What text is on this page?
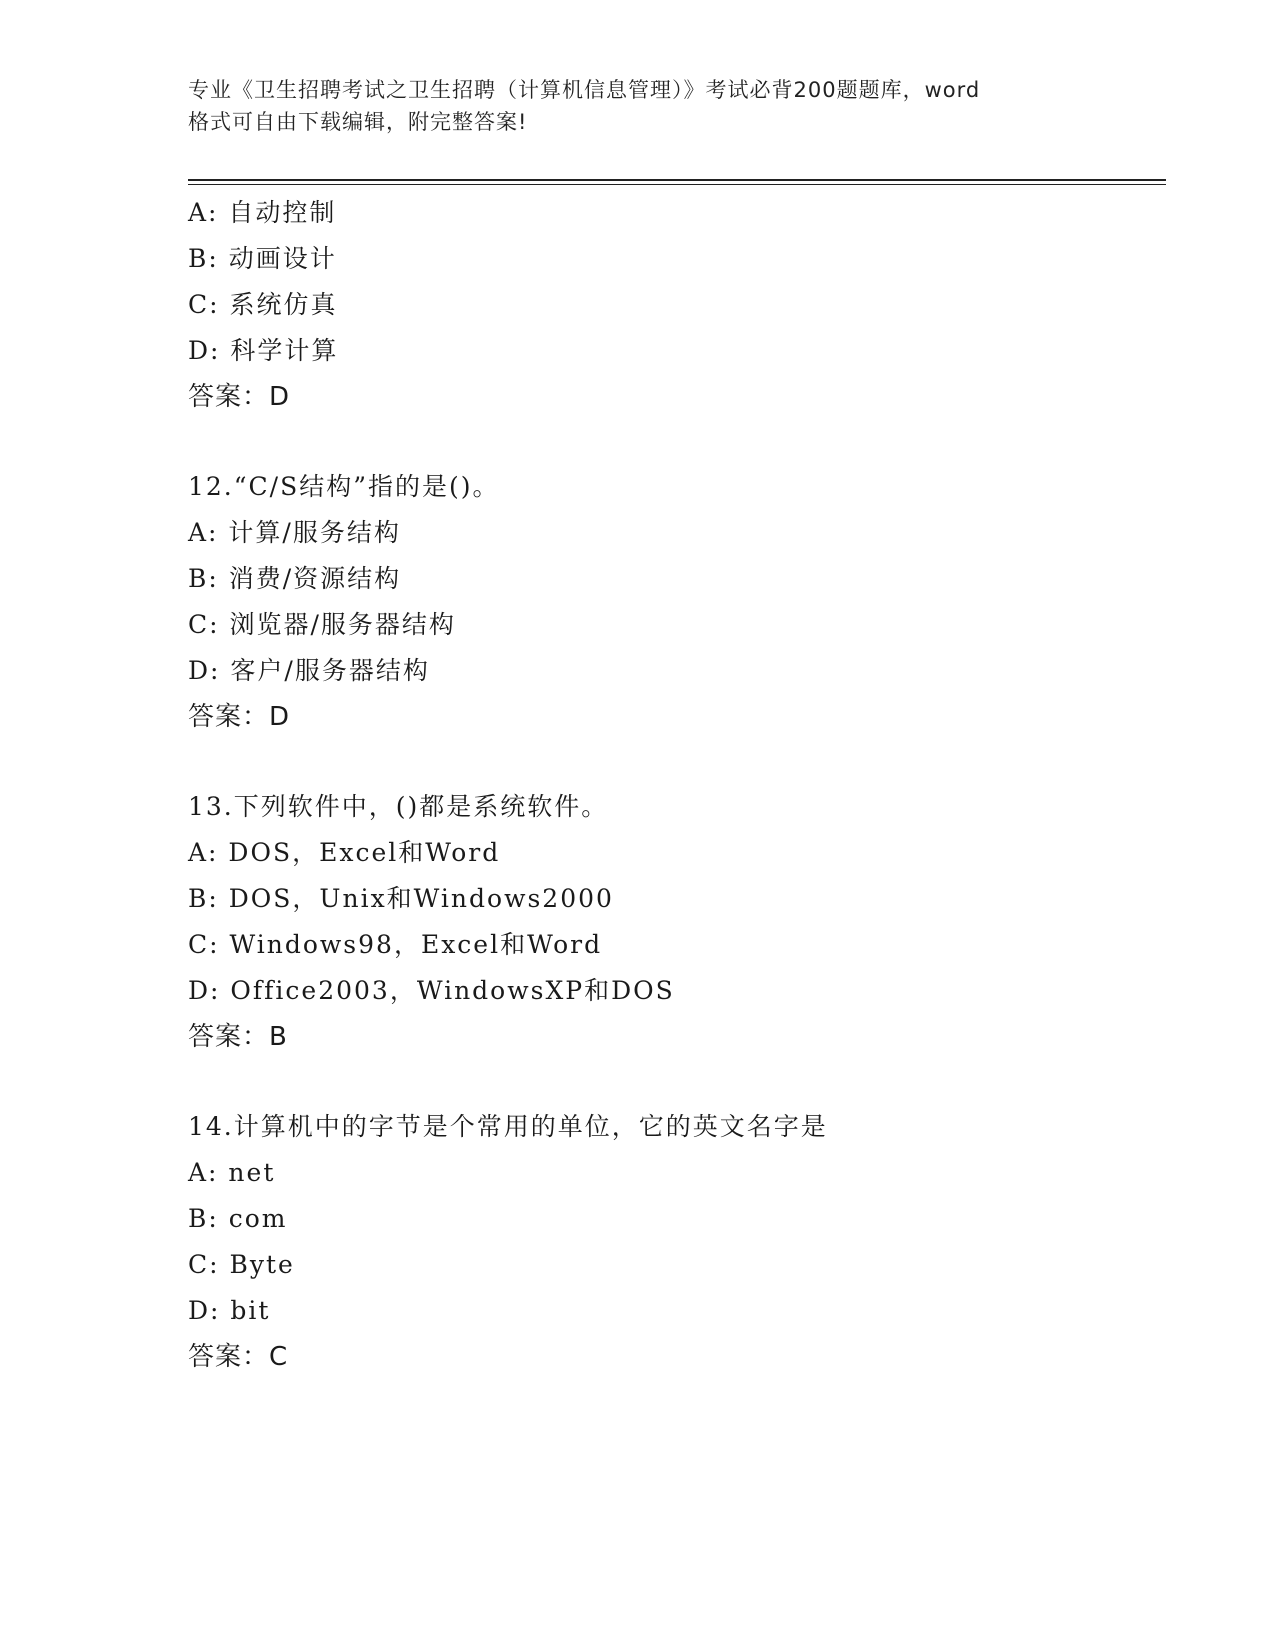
专业《卫生招聘考试之卫生招聘（计算机信息管理）》考试必背200题题库，word
格式可自由下载编辑，附完整答案!
A: 自动控制
B: 动画设计
C: 系统仿真
D: 科学计算
答案：D
12.“C/S结构”指的是()。
A: 计算/服务结构
B: 消费/资源结构
C: 浏览器/服务器结构
D: 客户/服务器结构
答案：D
13.下列软件中，()都是系统软件。
A: DOS，Excel和Word
B: DOS，Unix和Windows2000
C: Windows98，Excel和Word
D: Office2003，WindowsXP和DOS
答案：B
14.计算机中的字节是个常用的单位，它的英文名字是
A: net
B: com
C: Byte
D: bit
答案：C
